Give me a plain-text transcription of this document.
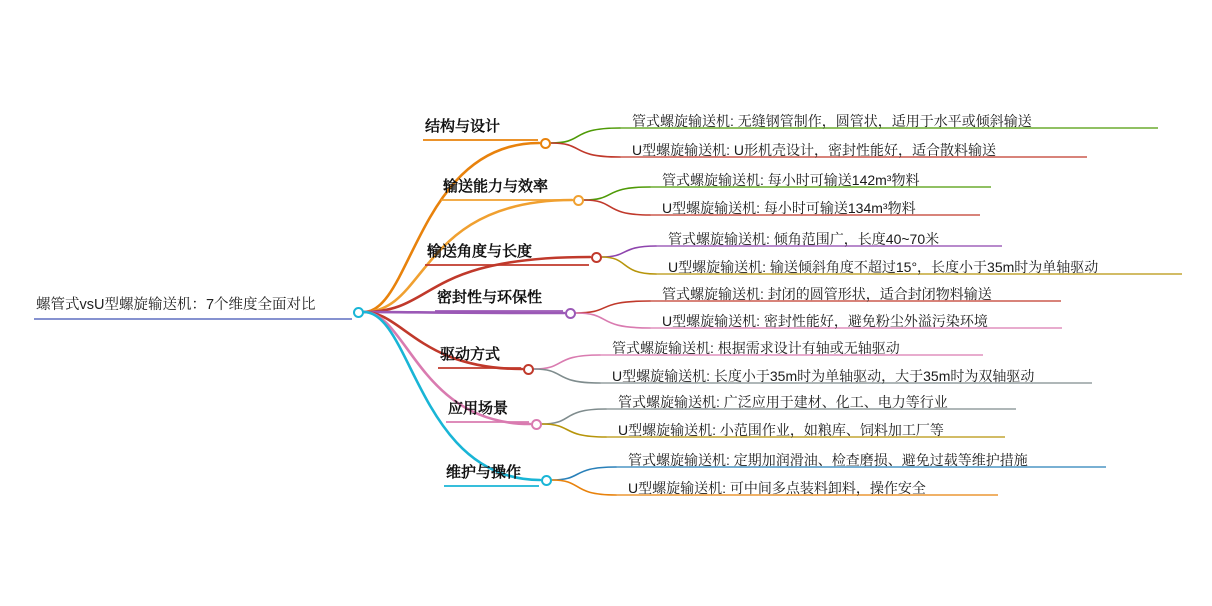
螺管式vsU型螺旋输送机：7个维度全面对比
结构与设计	管式螺旋输送机: 无缝钢管制作，圆管状，适用于水平或倾斜输送
U型螺旋输送机: U形机壳设计，密封性能好，适合散料输送
输送能力与效率	管式螺旋输送机: 每小时可输送142m³物料
U型螺旋输送机: 每小时可输送134m³物料
输送角度与长度
管式螺旋输送机: 倾角范围广，长度40~70米
U型螺旋输送机: 输送倾斜角度不超过15°，长度小于35m时为单轴驱动
密封性与环保性	管式螺旋输送机: 封闭的圆管形状，适合封闭物料输送
U型螺旋输送机: 密封性能好，避免粉尘外溢污染环境
驱动方式	管式螺旋输送机: 根据需求设计有轴或无轴驱动
U型螺旋输送机: 长度小于35m时为单轴驱动，大于35m时为双轴驱动
应用场景	管式螺旋输送机: 广泛应用于建材、化工、电力等行业
U型螺旋输送机: 小范围作业，如粮库、饲料加工厂等
维护与操作
管式螺旋输送机: 定期加润滑油、检查磨损、避免过载等维护措施
U型螺旋输送机: 可中间多点装料卸料，操作安全
